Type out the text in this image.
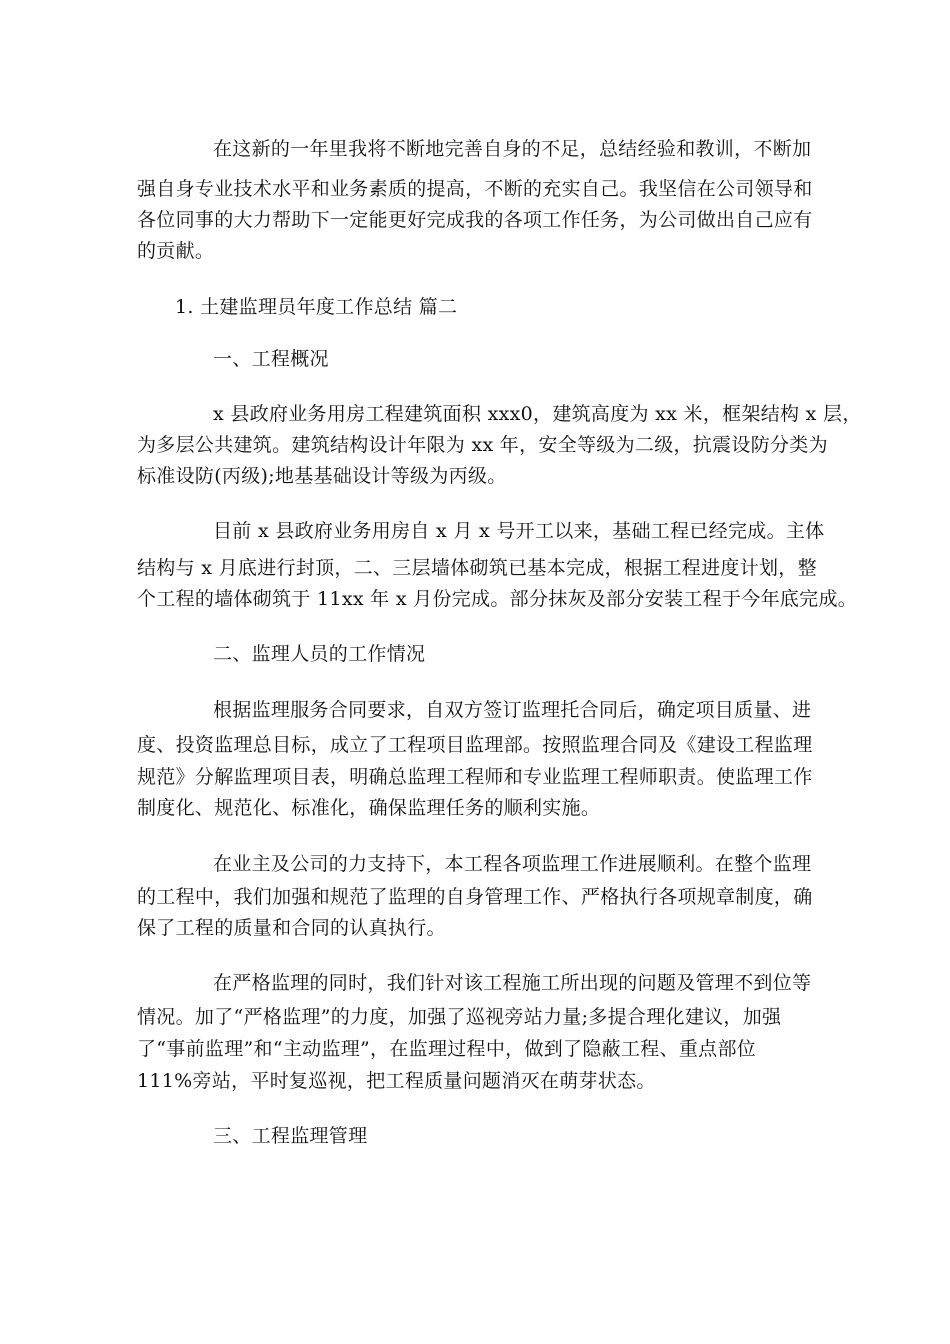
在这新的一年里我将不断地完善自身的不足，总结经验和教训，不断加
强自身专业技术水平和业务素质的提高，不断的充实自己。我坚信在公司领导和
各位同事的大力帮助下一定能更好完成我的各项工作任务，为公司做出自己应有
的贡献。
1. 土建监理员年度工作总结 篇二
一、工程概况
x 县政府业务用房工程建筑面积 xxx0，建筑高度为 xx 米，框架结构 x 层，
为多层公共建筑。建筑结构设计年限为 xx 年，安全等级为二级，抗震设防分类为
标准设防(丙级);地基基础设计等级为丙级。
目前 x 县政府业务用房自 x 月 x 号开工以来，基础工程已经完成。主体
结构与 x 月底进行封顶，二、三层墙体砌筑已基本完成，根据工程进度计划，整
个工程的墙体砌筑于 11xx 年 x 月份完成。部分抹灰及部分安装工程于今年底完成。
二、监理人员的工作情况
根据监理服务合同要求，自双方签订监理托合同后，确定项目质量、进
度、投资监理总目标，成立了工程项目监理部。按照监理合同及《建设工程监理
规范》分解监理项目表，明确总监理工程师和专业监理工程师职责。使监理工作
制度化、规范化、标准化，确保监理任务的顺利实施。
在业主及公司的力支持下，本工程各项监理工作进展顺利。在整个监理
的工程中，我们加强和规范了监理的自身管理工作、严格执行各项规章制度，确
保了工程的质量和合同的认真执行。
在严格监理的同时，我们针对该工程施工所出现的问题及管理不到位等
情况。加了“严格监理”的力度，加强了巡视旁站力量;多提合理化建议，加强
了“事前监理”和“主动监理”，在监理过程中，做到了隐蔽工程、重点部位
111%旁站，平时复巡视，把工程质量问题消灭在萌芽状态。
三、工程监理管理
